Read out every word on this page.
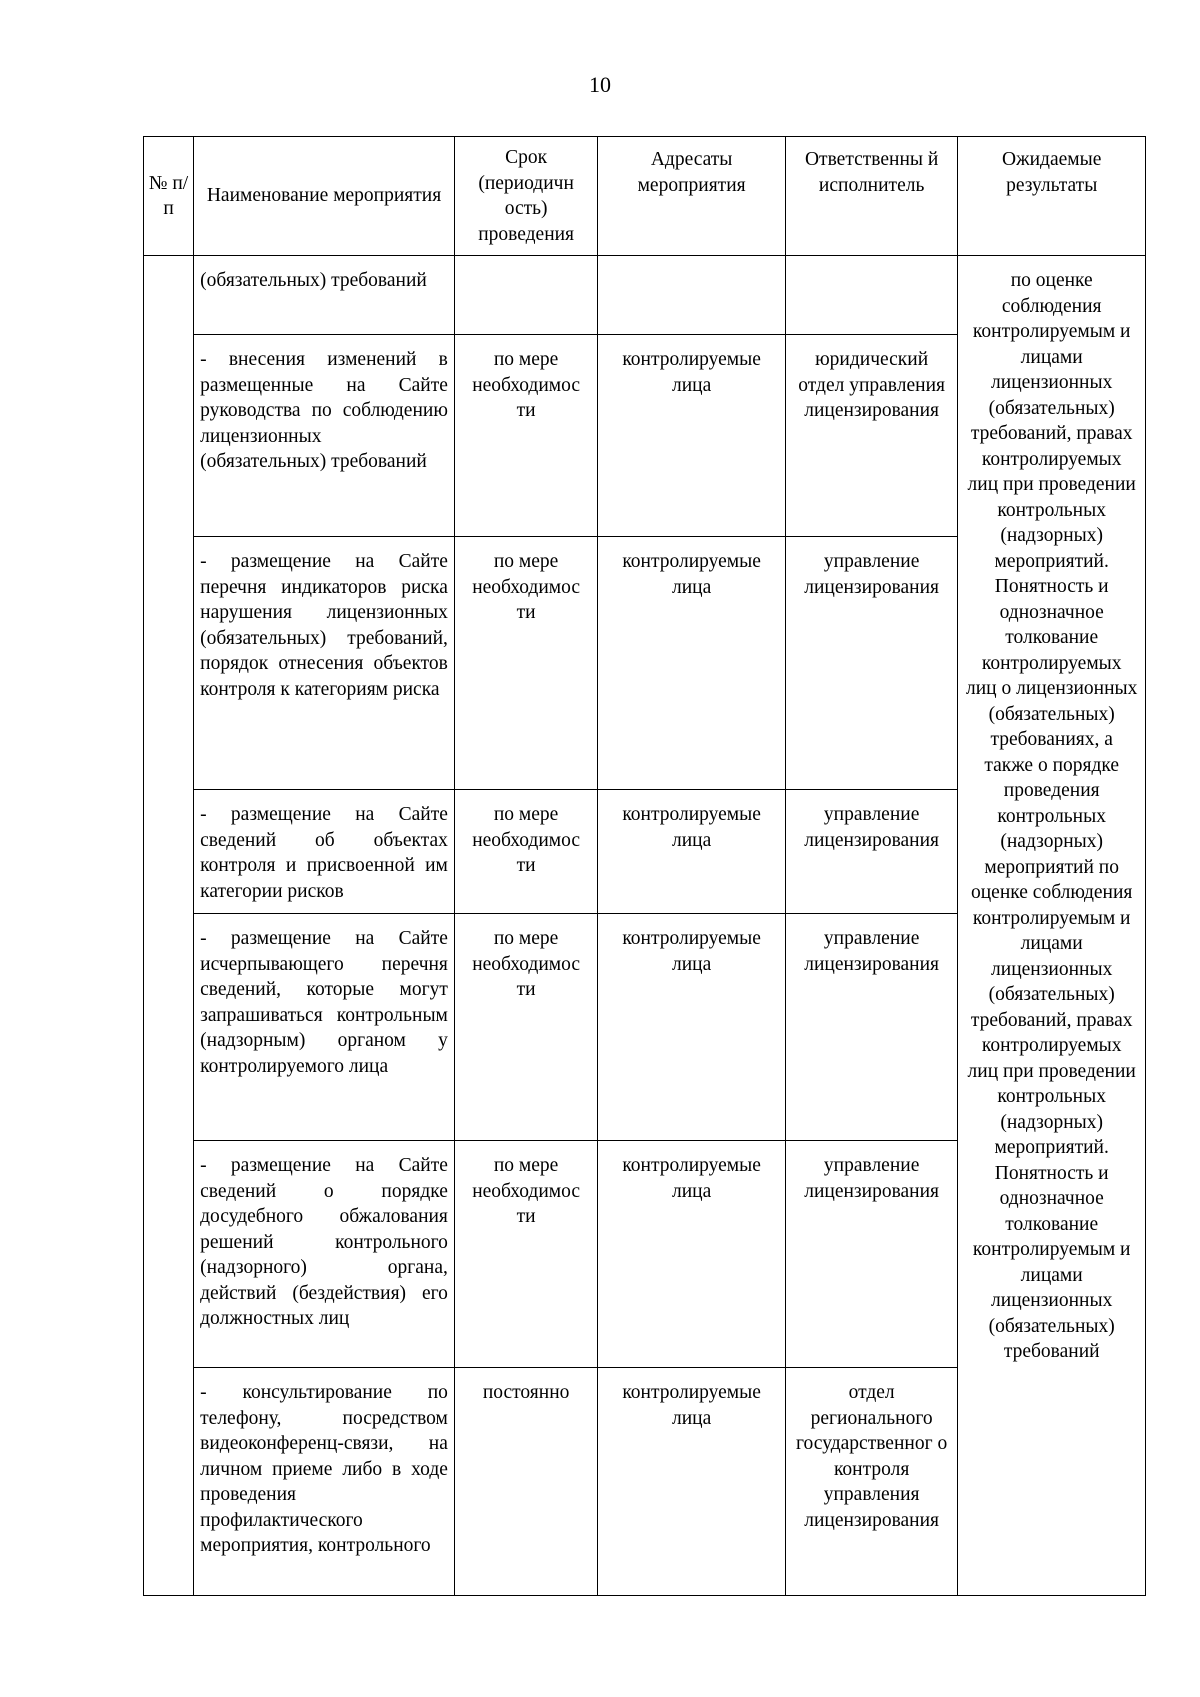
10
№ п/п	Наименование мероприятия	Срок (периодичн ость) проведения	Адресаты мероприятия	Ответственны й исполнитель	Ожидаемые результаты
	(обязательных) требований				по оценке соблюдения контролируемым и лицами лицензионных (обязательных) требований, правах контролируемых лиц при проведении контрольных (надзорных) мероприятий. Понятность и однозначное толкование контролируемых лиц о лицензионных (обязательных) требованиях, а также о порядке проведения контрольных (надзорных) мероприятий по оценке соблюдения контролируемым и лицами лицензионных (обязательных) требований, правах контролируемых лиц при проведении контрольных (надзорных) мероприятий. Понятность и однозначное толкование контролируемым и лицами лицензионных (обязательных) требований
	- внесения изменений в размещенные на Сайте руководства по соблюдению лицензионных (обязательных) требований	по мере необходимос ти	контролируемые лица	юридический отдел управления лицензирования	
	- размещение на Сайте перечня индикаторов риска нарушения лицензионных (обязательных) требований, порядок отнесения объектов контроля к категориям риска	по мере необходимос ти	контролируемые лица	управление лицензирования	
	- размещение на Сайте сведений об объектах контроля и присвоенной им категории рисков	по мере необходимос ти	контролируемые лица	управление лицензирования	
	- размещение на Сайте исчерпывающего перечня сведений, которые могут запрашиваться контрольным (надзорным) органом у контролируемого лица	по мере необходимос ти	контролируемые лица	управление лицензирования	
	- размещение на Сайте сведений о порядке досудебного обжалования решений контрольного (надзорного) органа, действий (бездействия) его должностных лиц	по мере необходимос ти	контролируемые лица	управление лицензирования	
	- консультирование по телефону, посредством видеоконференц-связи, на личном приеме либо в ходе проведения профилактического мероприятия, контрольного	постоянно	контролируемые лица	отдел регионального государственног о контроля управления лицензирования	
